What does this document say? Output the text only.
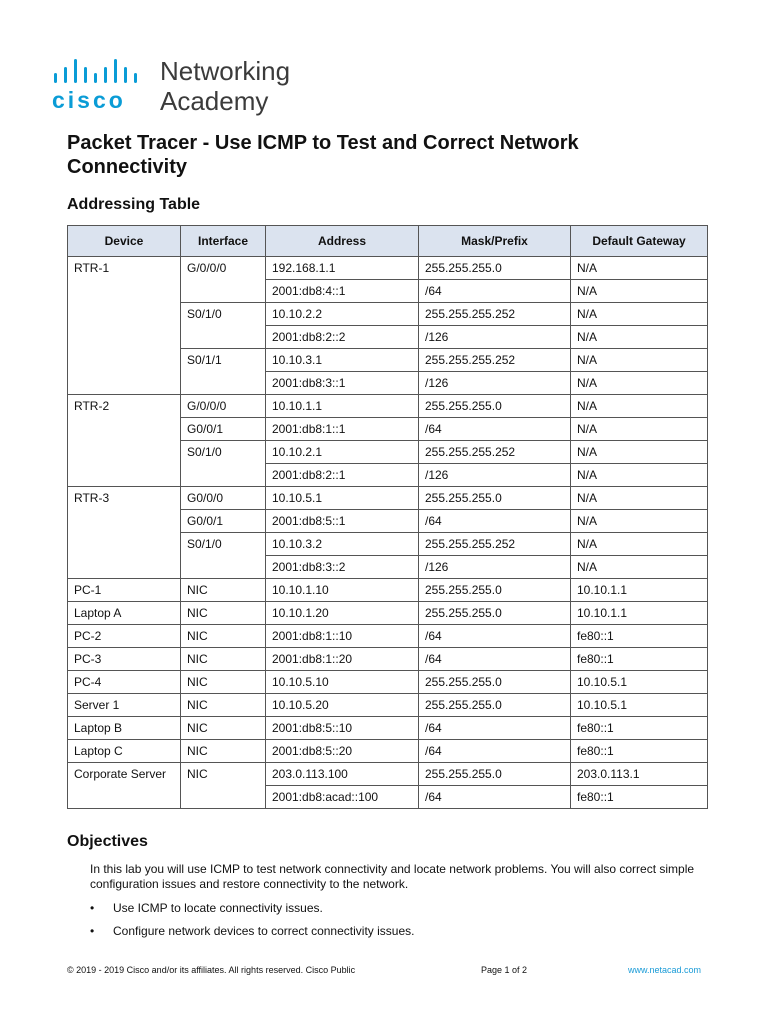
cisco
Networking
Academy
Packet Tracer - Use ICMP to Test and Correct Network Connectivity
Addressing Table
Device	Interface	Address	Mask/Prefix	Default Gateway
RTR-1	G/0/0/0	192.168.1.1	255.255.255.0	N/A
		2001:db8:4::1	/64	N/A
	S0/1/0	10.10.2.2	255.255.255.252	N/A
		2001:db8:2::2	/126	N/A
	S0/1/1	10.10.3.1	255.255.255.252	N/A
		2001:db8:3::1	/126	N/A
RTR-2	G/0/0/0	10.10.1.1	255.255.255.0	N/A
	G0/0/1	2001:db8:1::1	/64	N/A
	S0/1/0	10.10.2.1	255.255.255.252	N/A
		2001:db8:2::1	/126	N/A
RTR-3	G0/0/0	10.10.5.1	255.255.255.0	N/A
	G0/0/1	2001:db8:5::1	/64	N/A
	S0/1/0	10.10.3.2	255.255.255.252	N/A
		2001:db8:3::2	/126	N/A
PC-1	NIC	10.10.1.10	255.255.255.0	10.10.1.1
Laptop A	NIC	10.10.1.20	255.255.255.0	10.10.1.1
PC-2	NIC	2001:db8:1::10	/64	fe80::1
PC-3	NIC	2001:db8:1::20	/64	fe80::1
PC-4	NIC	10.10.5.10	255.255.255.0	10.10.5.1
Server 1	NIC	10.10.5.20	255.255.255.0	10.10.5.1
Laptop B	NIC	2001:db8:5::10	/64	fe80::1
Laptop C	NIC	2001:db8:5::20	/64	fe80::1
Corporate Server	NIC	203.0.113.100	255.255.255.0	203.0.113.1
		2001:db8:acad::100	/64	fe80::1
Objectives

In this lab you will use ICMP to test network connectivity and locate network problems. You will also correct simple configuration issues and restore connectivity to the network.

• Use ICMP to locate connectivity issues.
• Configure network devices to correct connectivity issues.
© 2019 - 2019 Cisco and/or its affiliates. All rights reserved. Cisco Public	Page 1 of 2	www.netacad.com
